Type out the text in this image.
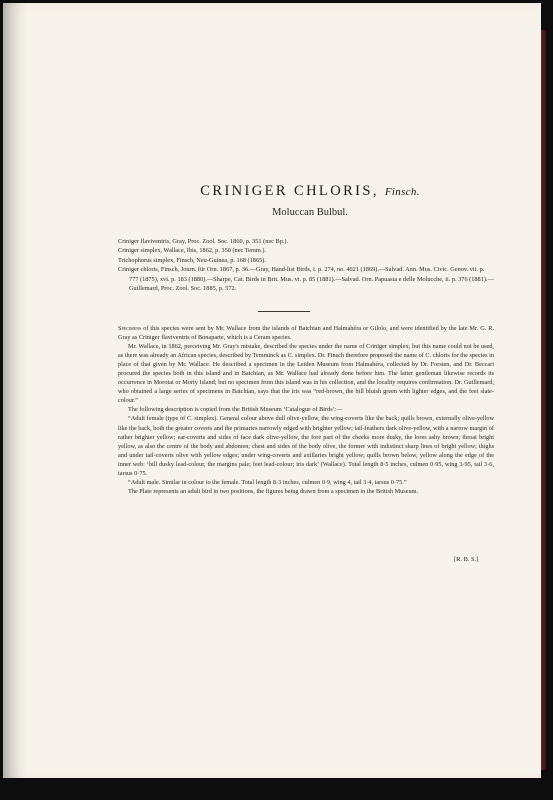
CRINIGER CHLORIS, Finsch.
Moluccan Bulbul.
Criniger flaviventris, Gray, Proc. Zool. Soc. 1860, p. 351 (nec Bp.).
Criniger simplex, Wallace, Ibis, 1862, p. 350 (nec Temm.).
Trichophorus simplex, Finsch, Neu-Guinea, p. 168 (1865).
Criniger chloris, Finsch, Journ. für Orn. 1867, p. 36.—Gray, Hand-list Birds, i. p. 274, no. 4021 (1869).—Salvad. Ann. Mus. Civic. Genov. vii. p. 777 (1875), xvi. p. 183 (1880).—Sharpe, Cat. Birds in Brit. Mus. vi. p. 85 (1881).—Salvad. Orn. Papuasia e delle Molucche, ii. p. 376 (1881).—Guillemard, Proc. Zool. Soc. 1885, p. 572.

Specimens of this species were sent by Mr. Wallace from the islands of Batchian and Halmahéra or Gilolo, and were identified by the late Mr. G. R. Gray as Criniger flaviventris of Bonaparte, which is a Ceram species.

Mr. Wallace, in 1862, perceiving Mr. Gray's mistake, described the species under the name of Criniger simplex; but this name could not be used, as there was already an African species, described by Temminck as C. simplex. Dr. Finsch therefore proposed the name of C. chloris for the species in place of that given by Mr. Wallace. He described a specimen in the Leiden Museum from Halmahéra, collected by Dr. Forsten, and Dr. Beccari procured the species both in this island and in Batchian, as Mr. Wallace had already done before him. The latter gentleman likewise records its occurrence in Morotai or Morty Island; but no specimen from this island was in his collection, and the locality requires confirmation. Dr. Guillemard, who obtained a large series of specimens in Batchian, says that the iris was “red-brown, the bill bluish green with lighter edges, and the feet slate-colour.”

The following description is copied from the British Museum ‘Catalogue of Birds’:—

“Adult female (type of C. simplex). General colour above dull olive-yellow, the wing-coverts like the back; quills brown, externally olive-yellow like the back, both the greater coverts and the primaries narrowly edged with brighter yellow; tail-feathers dark olive-yellow, with a narrow margin of rather brighter yellow; ear-coverts and sides of face dark olive-yellow, the fore part of the cheeks more dusky, the lores ashy brown; throat bright yellow, as also the centre of the body and abdomen; chest and sides of the body olive, the former with indistinct sharp lines of bright yellow; thighs and under tail-coverts olive with yellow edges; under wing-coverts and axillaries bright yellow; quills brown below, yellow along the edge of the inner web: ‘bill dusky lead-colour, the margins pale; feet lead-colour; iris dark’ (Wallace). Total length 8·5 inches, culmen 0·95, wing 3·95, tail 3·6, tarsus 0·75.

“Adult male. Similar in colour to the female. Total length 8·3 inches, culmen 0·9, wing 4, tail 3·4, tarsus 0·75.”

The Plate represents an adult bird in two positions, the figures being drawn from a specimen in the British Museum.

[R. B. S.]
